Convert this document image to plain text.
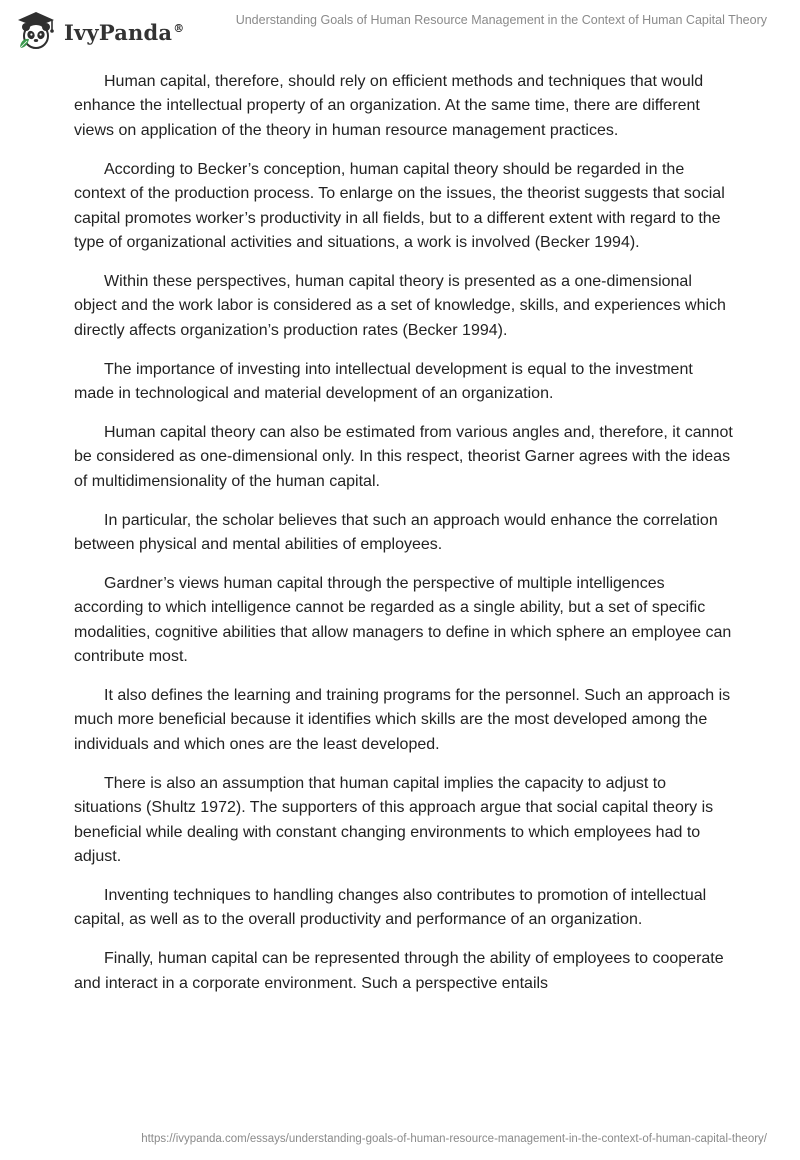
IvyPanda®
Understanding Goals of Human Resource Management in the Context of Human Capital Theory

Human capital, therefore, should rely on efficient methods and techniques that would enhance the intellectual property of an organization. At the same time, there are different views on application of the theory in human resource management practices.

According to Becker’s conception, human capital theory should be regarded in the context of the production process. To enlarge on the issues, the theorist suggests that social capital promotes worker’s productivity in all fields, but to a different extent with regard to the type of organizational activities and situations, a work is involved (Becker 1994).

Within these perspectives, human capital theory is presented as a one-dimensional object and the work labor is considered as a set of knowledge, skills, and experiences which directly affects organization’s production rates (Becker 1994).

The importance of investing into intellectual development is equal to the investment made in technological and material development of an organization.

Human capital theory can also be estimated from various angles and, therefore, it cannot be considered as one-dimensional only. In this respect, theorist Garner agrees with the ideas of multidimensionality of the human capital.

In particular, the scholar believes that such an approach would enhance the correlation between physical and mental abilities of employees.

Gardner’s views human capital through the perspective of multiple intelligences according to which intelligence cannot be regarded as a single ability, but a set of specific modalities, cognitive abilities that allow managers to define in which sphere an employee can contribute most.

It also defines the learning and training programs for the personnel. Such an approach is much more beneficial because it identifies which skills are the most developed among the individuals and which ones are the least developed.

There is also an assumption that human capital implies the capacity to adjust to situations (Shultz 1972). The supporters of this approach argue that social capital theory is beneficial while dealing with constant changing environments to which employees had to adjust.

Inventing techniques to handling changes also contributes to promotion of intellectual capital, as well as to the overall productivity and performance of an organization.

Finally, human capital can be represented through the ability of employees to cooperate and interact in a corporate environment. Such a perspective entails

https://ivypanda.com/essays/understanding-goals-of-human-resource-management-in-the-context-of-human-capital-theory/
